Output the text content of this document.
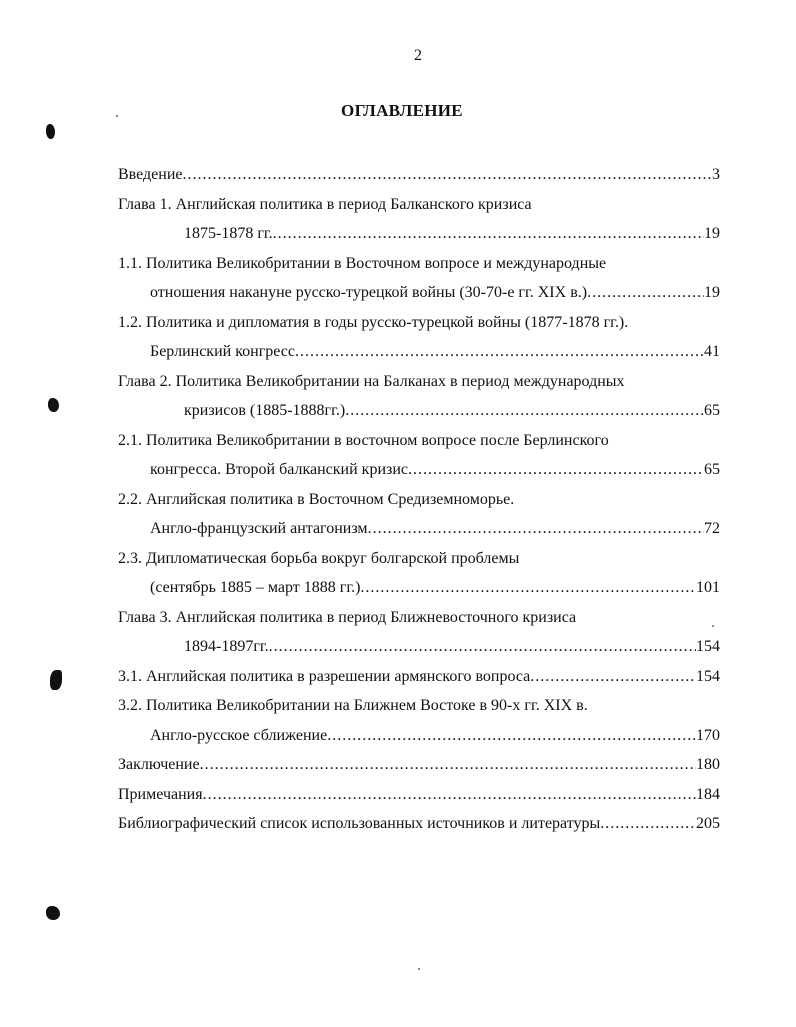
2
ОГЛАВЛЕНИЕ
Введение .....	3
Глава 1. Английская политика в период Балканского кризиса
1875-1878 гг. .....	19
1.1. Политика Великобритании в Восточном вопросе и международные
отношения накануне русско-турецкой войны (30-70-е гг. XIX в.) .....	19
1.2. Политика и дипломатия в годы русско-турецкой войны (1877-1878 гг.).
Берлинский конгресс .....	41
Глава 2. Политика Великобритании на Балканах в период международных
кризисов (1885-1888гг.) .....	65
2.1. Политика Великобритании в восточном вопросе после Берлинского
конгресса. Второй балканский кризис .....	65
2.2. Английская политика в Восточном Средиземноморье.
Англо-французский антагонизм .....	72
2.3. Дипломатическая борьба вокруг болгарской проблемы
(сентябрь 1885 – март 1888 гг.) .....	101
Глава 3. Английская политика в период Ближневосточного кризиса
1894-1897гг. .....	154
3.1. Английская политика в разрешении армянского вопроса .....	154
3.2. Политика Великобритании на Ближнем Востоке в 90-х гг. XIX в.
Англо-русское сближение .....	170
Заключение .....	180
Примечания .....	184
Библиографический список использованных источников и литературы .....	205
